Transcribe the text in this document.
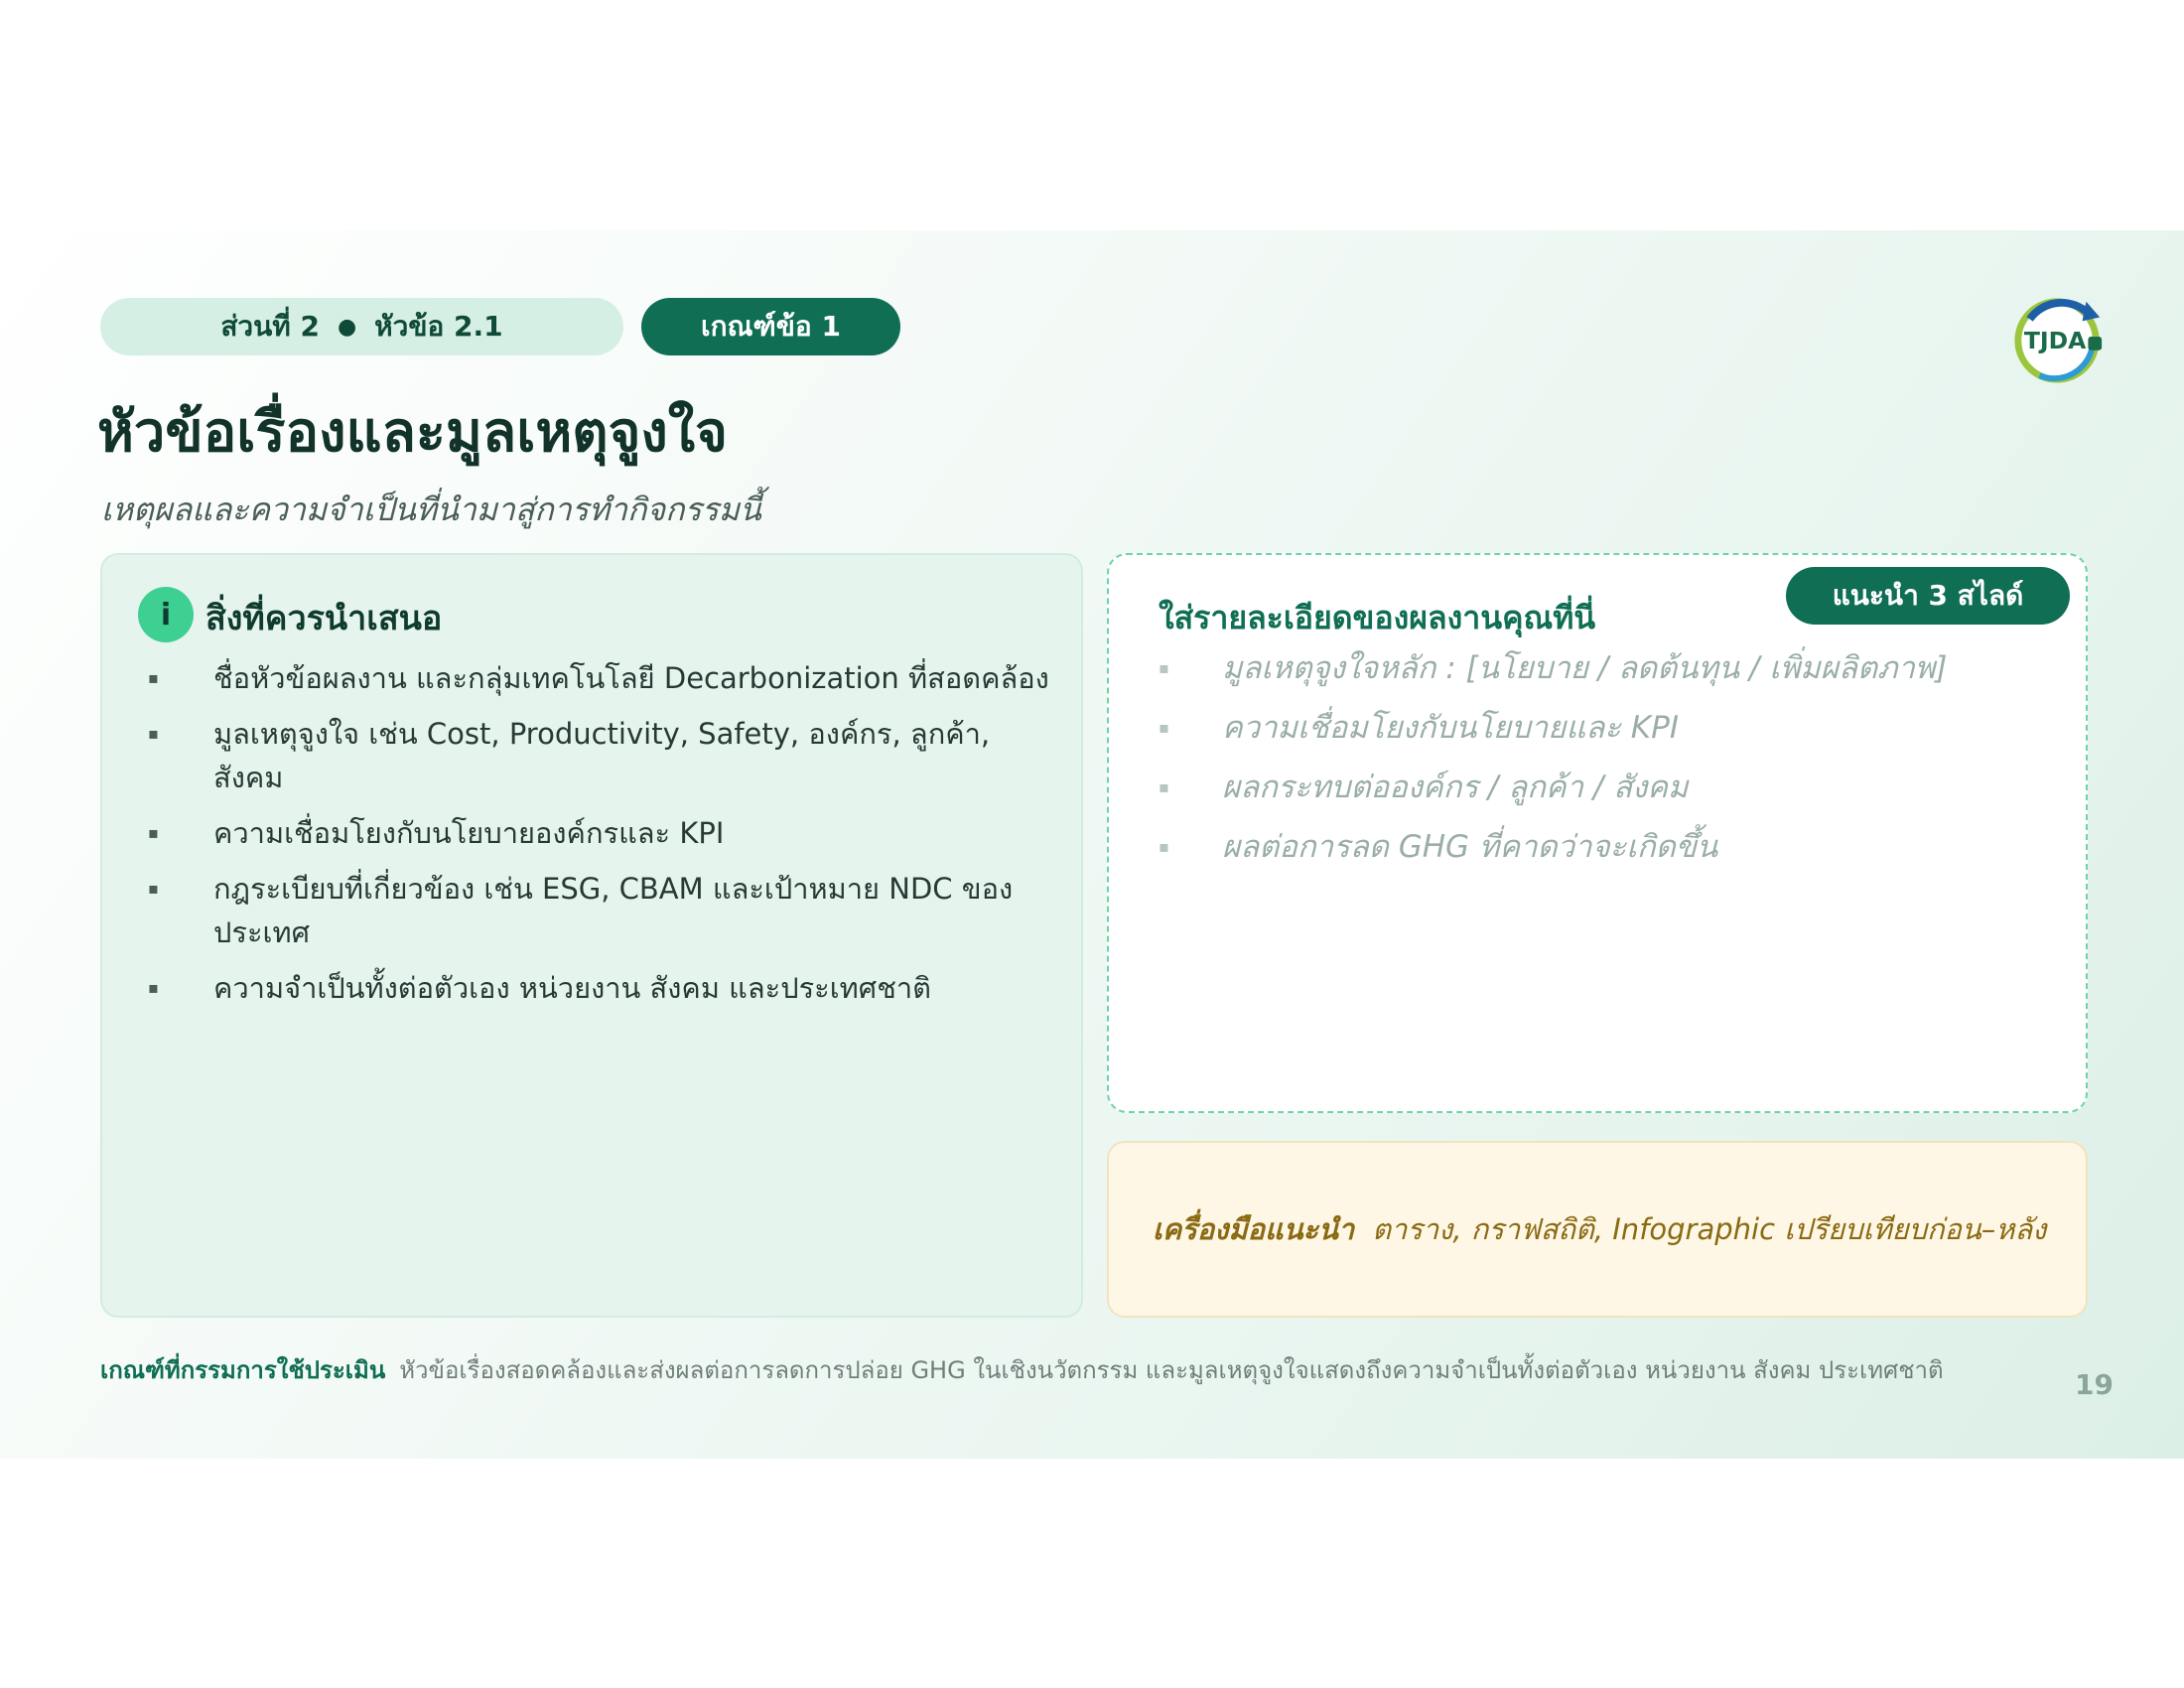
ส่วนที่ 2 ● หัวข้อ 2.1	เกณฑ์ข้อ 1	TJDA
หัวข้อเรื่องและมูลเหตุจูงใจ

เหตุผลและความจำเป็นที่นำมาสู่การทำกิจกรรมนี้

i	สิ่งที่ควรนำเสนอ
▪	ชื่อหัวข้อผลงาน และกลุ่มเทคโนโลยี Decarbonization ที่สอดคล้อง
▪	มูลเหตุจูงใจ เช่น Cost, Productivity, Safety, องค์กร, ลูกค้า, สังคม
▪	ความเชื่อมโยงกับนโยบายองค์กรและ KPI
▪	กฎระเบียบที่เกี่ยวข้อง เช่น ESG, CBAM และเป้าหมาย NDC ของประเทศ
▪	ความจำเป็นทั้งต่อตัวเอง หน่วยงาน สังคม และประเทศชาติ
ใส่รายละเอียดของผลงานคุณที่นี่
แนะนำ 3 สไลด์
▪ มูลเหตุจูงใจหลัก : [นโยบาย / ลดต้นทุน / เพิ่มผลิตภาพ]
▪ ความเชื่อมโยงกับนโยบายและ KPI
▪ ผลกระทบต่อองค์กร / ลูกค้า / สังคม
▪ ผลต่อการลด GHG ที่คาดว่าจะเกิดขึ้น
เครื่องมือแนะนำ ตาราง, กราฟสถิติ, Infographic เปรียบเทียบก่อน–หลัง
เกณฑ์ที่กรรมการใช้ประเมิน หัวข้อเรื่องสอดคล้องและส่งผลต่อการลดการปล่อย GHG ในเชิงนวัตกรรม และมูลเหตุจูงใจแสดงถึงความจำเป็นทั้งต่อตัวเอง หน่วยงาน สังคม ประเทศชาติ	19
